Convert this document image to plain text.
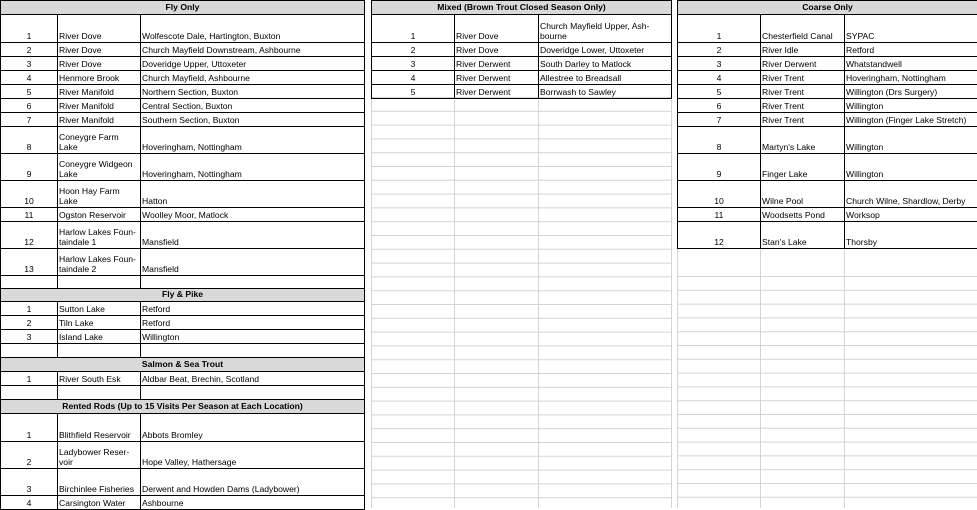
Fly Only		
1	River Dove	Wolfescote Dale, Hartington, Buxton
2	River Dove	Church Mayfield Downstream, Ashbourne
3	River Dove	Doveridge Upper, Uttoxeter
4	Henmore Brook	Church Mayfield, Ashbourne
5	River Manifold	Northern Section, Buxton
6	River Manifold	Central Section, Buxton
7	River Manifold	Southern Section, Buxton
8	Coneygre Farm Lake	Hoveringham, Nottingham
9	Coneygre Widgeon Lake	Hoveringham, Nottingham
10	Hoon Hay Farm Lake	Hatton
11	Ogston Reservoir	Woolley Moor, Matlock
12	Harlow Lakes Foun-taindale 1	Mansfield
13	Harlow Lakes Foun-taindale 2	Mansfield

Fly & Pike		
1	Sutton Lake	Retford
2	Tiln Lake	Retford
3	Island Lake	Willington

Salmon & Sea Trout		
1	River South Esk	Aldbar Beat, Brechin, Scotland

Rented Rods (Up to 15 Visits Per Season at Each Location)		
1	Blithfield Reservoir	Abbots Bromley
2	Ladybower Reser-voir	Hope Valley, Hathersage
3	Birchinlee Fisheries	Derwent and Howden Dams (Ladybower)
4	Carsington Water	Ashbourne
Mixed (Brown Trout Closed Season Only)		
1	River Dove	Church Mayfield Upper, Ash-bourne
2	River Dove	Doveridge Lower, Uttoxeter
3	River Derwent	South Darley to Matlock
4	River Derwent	Allestree to Breadsall
5	River Derwent	Borrwash to Sawley
Coarse Only		
1	Chesterfield Canal	SYPAC
2	River Idle	Retford
3	River Derwent	Whatstandwell
4	River Trent	Hoveringham, Nottingham
5	River Trent	Willington (Drs Surgery)
6	River Trent	Willington
7	River Trent	Willington (Finger Lake Stretch)
8	Martyn's Lake	Willington
9	Finger Lake	Willington
10	Wilne Pool	Church Wilne, Shardlow, Derby
11	Woodsetts Pond	Worksop
12	Stan's Lake	Thorsby
